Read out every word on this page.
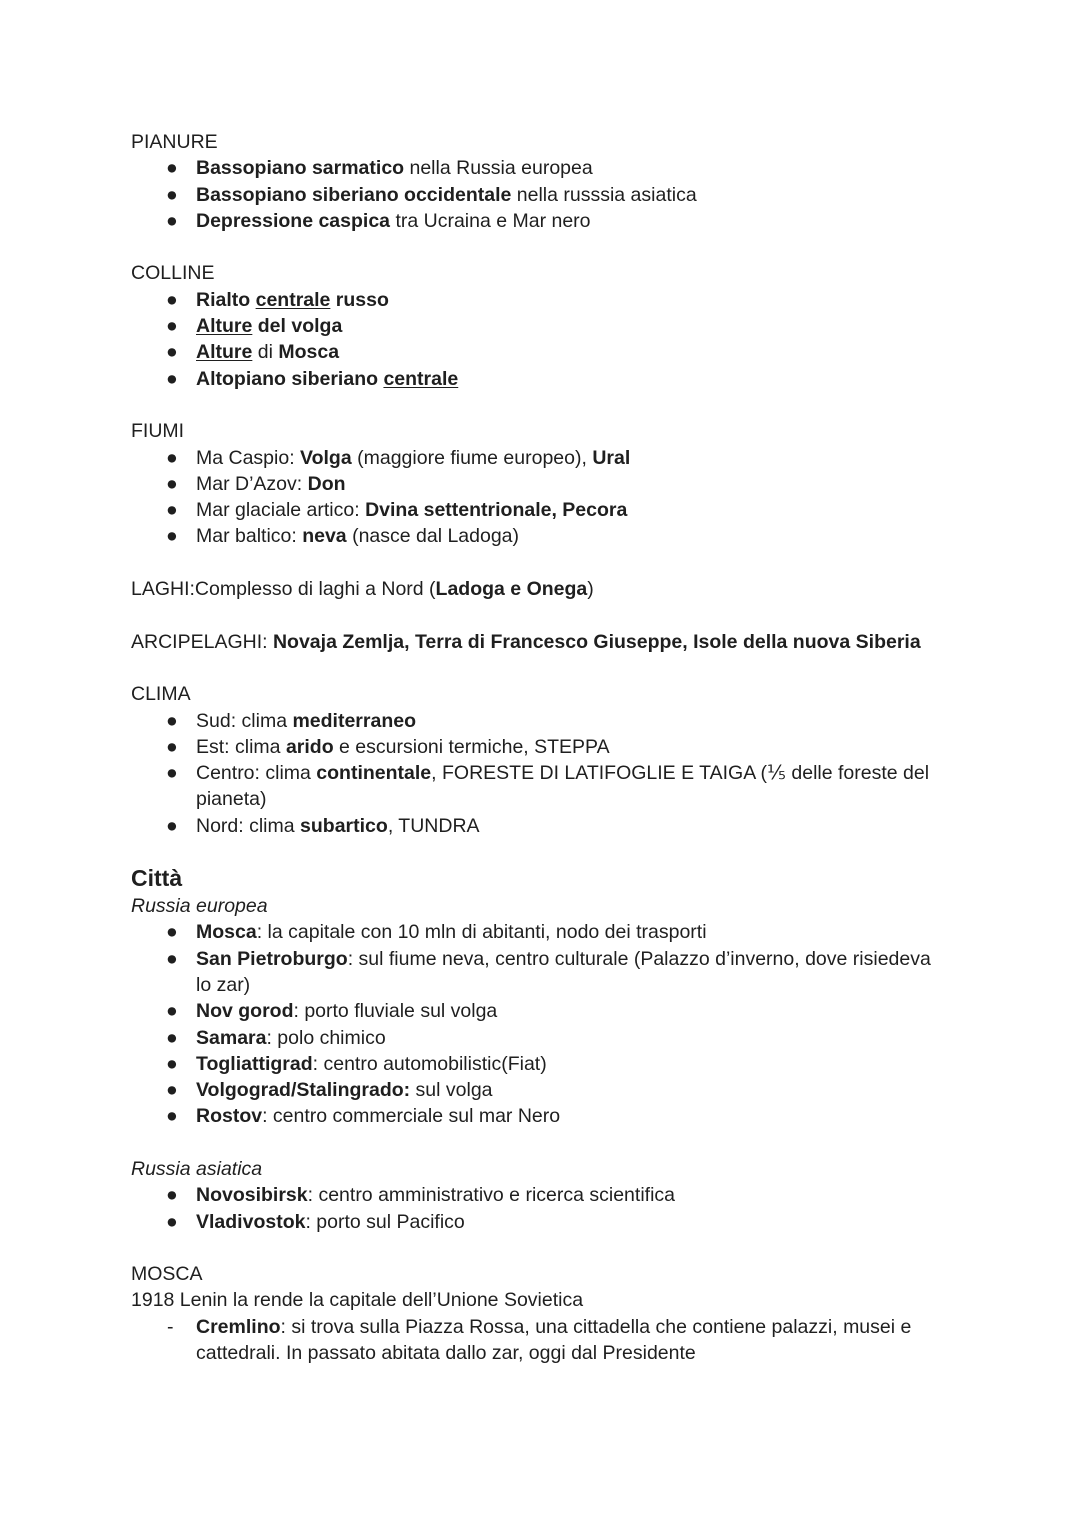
PIANURE
● Bassopiano sarmatico nella Russia europea
● Bassopiano siberiano occidentale nella russsia asiatica
● Depressione caspica tra Ucraina e Mar nero
COLLINE
● Rialto centrale russo
● Alture del volga
● Alture di Mosca
● Altopiano siberiano centrale
FIUMI
● Ma Caspio: Volga (maggiore fiume europeo), Ural
● Mar D’Azov: Don
● Mar glaciale artico: Dvina settentrionale, Pecora
● Mar baltico: neva (nasce dal Ladoga)
LAGHI:Complesso di laghi a Nord (Ladoga e Onega)
ARCIPELAGHI: Novaja Zemlja, Terra di Francesco Giuseppe, Isole della nuova Siberia
CLIMA
● Sud: clima mediterraneo
● Est: clima arido e escursioni termiche, STEPPA
● Centro: clima continentale, FORESTE DI LATIFOGLIE E TAIGA (⅕ delle foreste del
pianeta)
● Nord: clima subartico, TUNDRA
Città
Russia europea
● Mosca: la capitale con 10 mln di abitanti, nodo dei trasporti
● San Pietroburgo: sul fiume neva, centro culturale (Palazzo d’inverno, dove risiedeva
lo zar)
● Nov gorod: porto fluviale sul volga
● Samara: polo chimico
● Togliattigrad: centro automobilistic(Fiat)
● Volgograd/Stalingrado: sul volga
● Rostov: centro commerciale sul mar Nero
Russia asiatica
● Novosibirsk: centro amministrativo e ricerca scientifica
● Vladivostok: porto sul Pacifico
MOSCA
1918 Lenin la rende la capitale dell’Unione Sovietica
- Cremlino: si trova sulla Piazza Rossa, una cittadella che contiene palazzi, musei e
cattedrali. In passato abitata dallo zar, oggi dal Presidente
